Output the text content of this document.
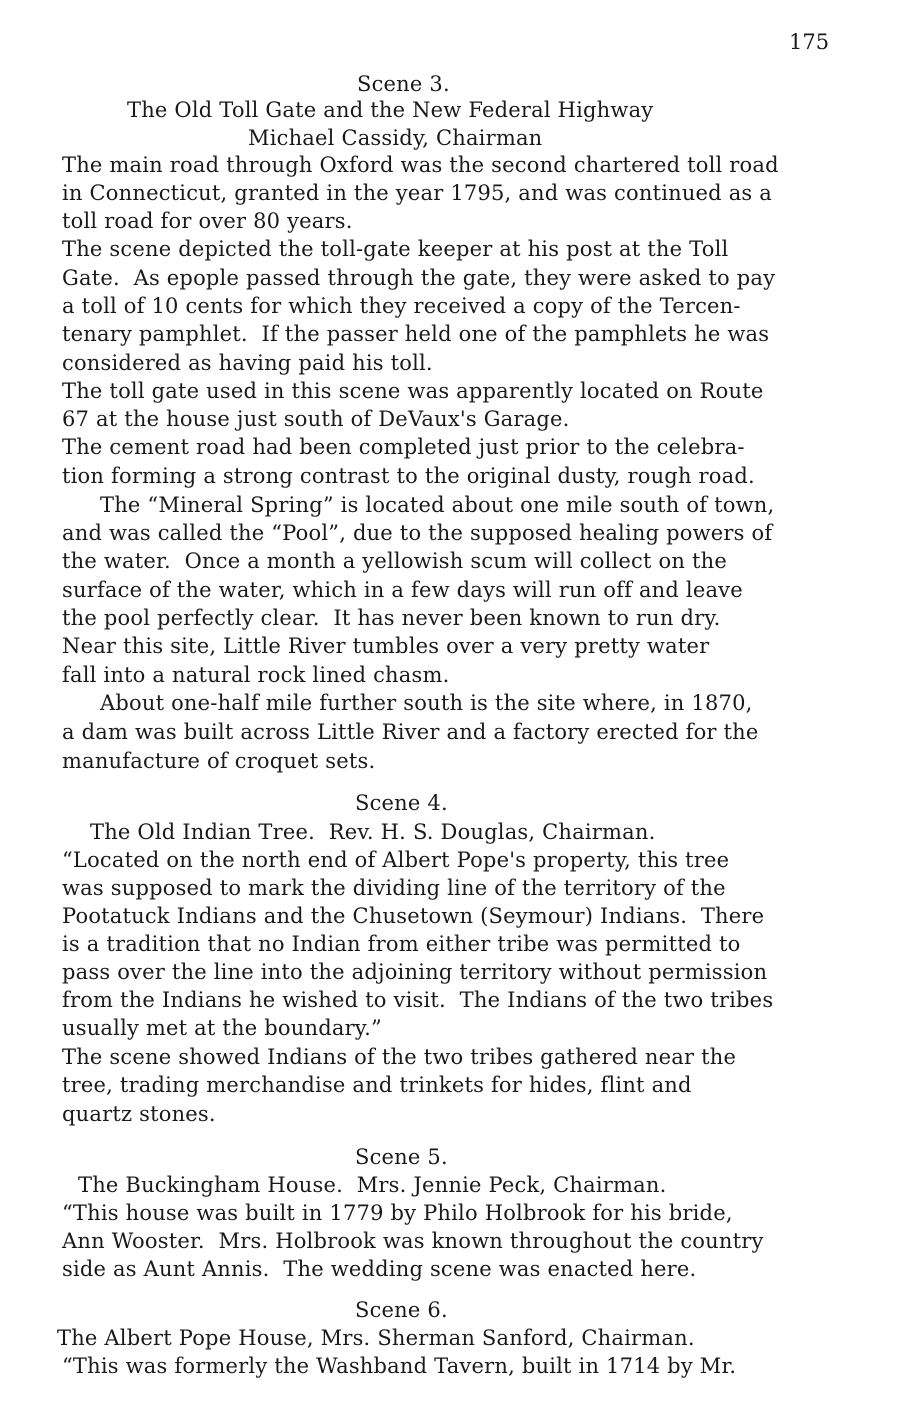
175
Scene 3.
The Old Toll Gate and the New Federal Highway
Michael Cassidy, Chairman
The main road through Oxford was the second chartered toll road
in Connecticut, granted in the year 1795, and was continued as a
toll road for over 80 years.
The scene depicted the toll-gate keeper at his post at the Toll
Gate.  As epople passed through the gate, they were asked to pay
a toll of 10 cents for which they received a copy of the Tercen-
tenary pamphlet.  If the passer held one of the pamphlets he was
considered as having paid his toll.
The toll gate used in this scene was apparently located on Route
67 at the house just south of DeVaux's Garage.
The cement road had been completed just prior to the celebra-
tion forming a strong contrast to the original dusty, rough road.
The “Mineral Spring” is located about one mile south of town,
and was called the “Pool”, due to the supposed healing powers of
the water.  Once a month a yellowish scum will collect on the
surface of the water, which in a few days will run off and leave
the pool perfectly clear.  It has never been known to run dry.
Near this site, Little River tumbles over a very pretty water
fall into a natural rock lined chasm.
About one-half mile further south is the site where, in 1870,
a dam was built across Little River and a factory erected for the
manufacture of croquet sets.
Scene 4.
The Old Indian Tree.  Rev. H. S. Douglas, Chairman.
“Located on the north end of Albert Pope's property, this tree
was supposed to mark the dividing line of the territory of the
Pootatuck Indians and the Chusetown (Seymour) Indians.  There
is a tradition that no Indian from either tribe was permitted to
pass over the line into the adjoining territory without permission
from the Indians he wished to visit.  The Indians of the two tribes
usually met at the boundary.”
The scene showed Indians of the two tribes gathered near the
tree, trading merchandise and trinkets for hides, flint and
quartz stones.
Scene 5.
The Buckingham House.  Mrs. Jennie Peck, Chairman.
“This house was built in 1779 by Philo Holbrook for his bride,
Ann Wooster.  Mrs. Holbrook was known throughout the country
side as Aunt Annis.  The wedding scene was enacted here.
Scene 6.
The Albert Pope House, Mrs. Sherman Sanford, Chairman.
“This was formerly the Washband Tavern, built in 1714 by Mr.
